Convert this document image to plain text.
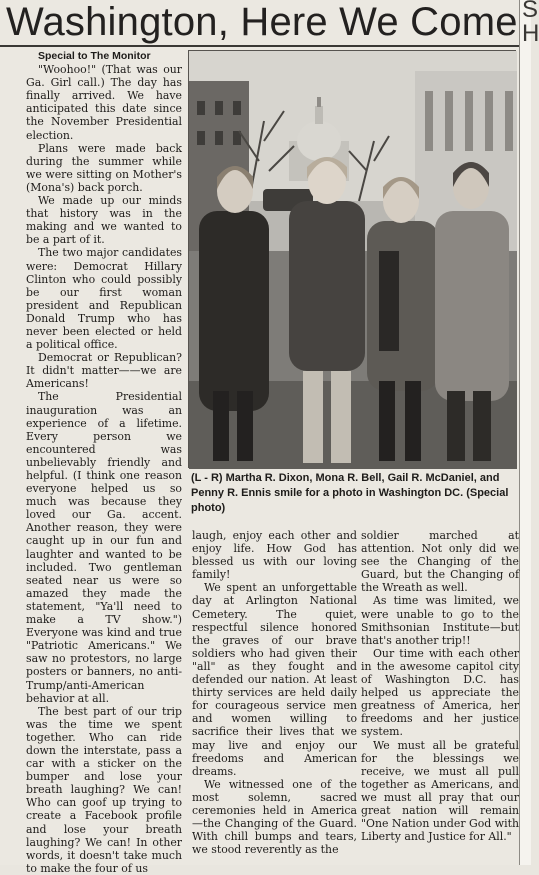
Washington, Here We Come S
H

Special to The Monitor

"Woohoo!" (That was our Ga. Girl call.) The day has finally arrived. We have anticipated this date since the November Presidential election.

Plans were made back during the summer while we were sitting on Mother's (Mona's) back porch.

We made up our minds that history was in the making and we wanted to be a part of it.

The two major candidates were: Democrat Hillary Clinton who could possibly be our first woman president and Republican Donald Trump who has never been elected or held a political office.

Democrat or Republican? It didn't matter——we are Americans!

The Presidential inauguration was an experience of a lifetime. Every person we encountered was unbelievably friendly and helpful. (I think one reason everyone helped us so much was because they loved our Ga. accent. Another reason, they were caught up in our fun and laughter and wanted to be included. Two gentleman seated near us were so amazed they made the statement, "Ya'll need to make a TV show.") Everyone was kind and true "Patriotic Americans." We saw no protestors, no large posters or banners, no anti-Trump/anti-American behavior at all.

The best part of our trip was the time we spent together. Who can ride down the interstate, pass a car with a sticker on the bumper and lose your breath laughing? We can! Who can goof up trying to create a Facebook profile and lose your breath laughing? We can! In other words, it doesn't take much to make the four of us

(L - R) Martha R. Dixon, Mona R. Bell, Gail R. McDaniel, and Penny R. Ennis smile for a photo in Washington DC. (Special photo)

laugh, enjoy each other and enjoy life. How God has blessed us with our loving family!

We spent an unforgettable day at Arlington National Cemetery. The quiet, respectful silence honored the graves of our brave soldiers who had given their "all" as they fought and defended our nation. At least thirty services are held daily for courageous service men and women willing to sacrifice their lives that we may live and enjoy our freedoms and American dreams.

We witnessed one of the most solemn, sacred ceremonies held in America—the Changing of the Guard. With chill bumps and tears, we stood reverently as the

soldier marched at attention. Not only did we see the Changing of the Guard, but the Changing of the Wreath as well.

As time was limited, we were unable to go to the Smithsonian Institute—but that's another trip!!

Our time with each other in the awesome capitol city of Washington D.C. has helped us appreciate the greatness of America, her freedoms and her justice system.

We must all be grateful for the blessings we receive, we must all pull together as Americans, and we must all pray that our great nation will remain "One Nation under God with Liberty and Justice for All."
